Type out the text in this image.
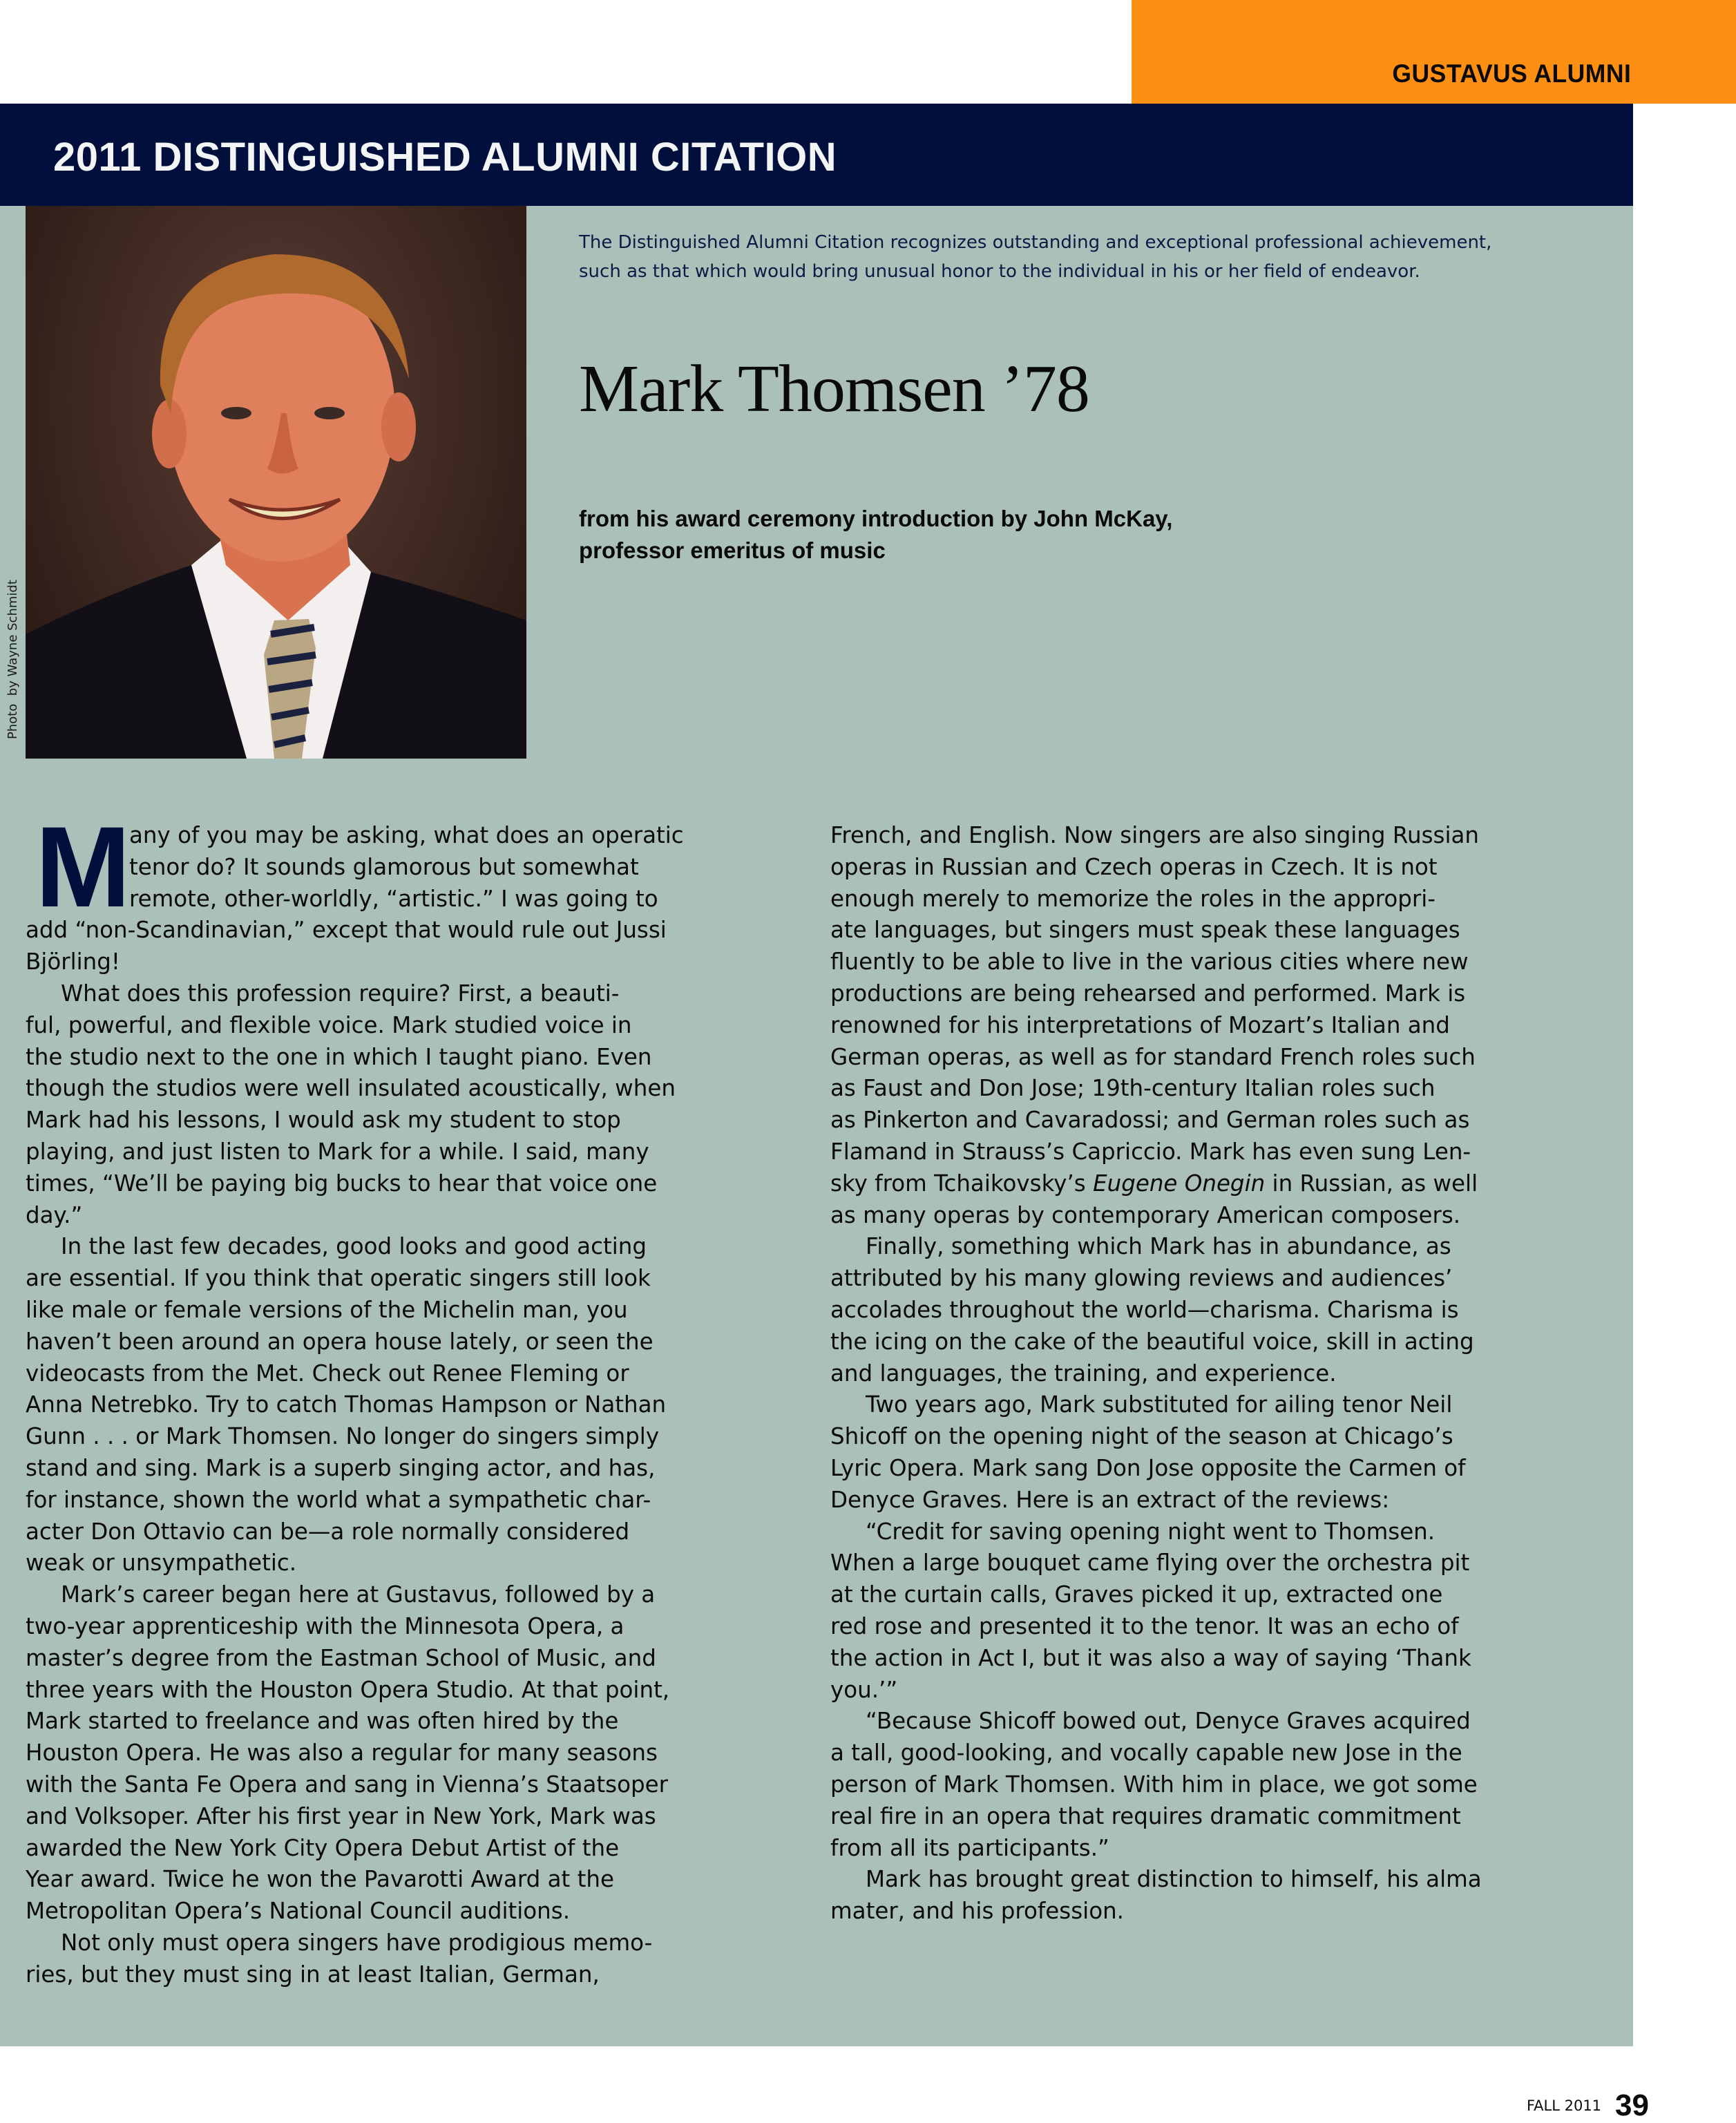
GUSTAVUS ALUMNI
2011 DISTINGUISHED ALUMNI CITATION
Photo  by Wayne Schmidt
The Distinguished Alumni Citation recognizes outstanding and exceptional professional achievement,
such as that which would bring unusual honor to the individual in his or her field of endeavor.
Mark Thomsen ’78
from his award ceremony introduction by John McKay,
professor emeritus of music
M
any of you may be asking, what does an operatic
tenor do? It sounds glamorous but somewhat
remote, other-worldly, “artistic.” I was going to
add “non-Scandinavian,” except that would rule out Jussi
Björling!
What does this profession require? First, a beauti-
ful, powerful, and flexible voice. Mark studied voice in
the studio next to the one in which I taught piano. Even
though the studios were well insulated acoustically, when
Mark had his lessons, I would ask my student to stop
playing, and just listen to Mark for a while. I said, many
times, “We’ll be paying big bucks to hear that voice one
day.”
In the last few decades, good looks and good acting
are essential. If you think that operatic singers still look
like male or female versions of the Michelin man, you
haven’t been around an opera house lately, or seen the
videocasts from the Met. Check out Renee Fleming or
Anna Netrebko. Try to catch Thomas Hampson or Nathan
Gunn . . . or Mark Thomsen. No longer do singers simply
stand and sing. Mark is a superb singing actor, and has,
for instance, shown the world what a sympathetic char-
acter Don Ottavio can be—a role normally considered
weak or unsympathetic.
Mark’s career began here at Gustavus, followed by a
two-year apprenticeship with the Minnesota Opera, a
master’s degree from the Eastman School of Music, and
three years with the Houston Opera Studio. At that point,
Mark started to freelance and was often hired by the
Houston Opera. He was also a regular for many seasons
with the Santa Fe Opera and sang in Vienna’s Staatsoper
and Volksoper. After his first year in New York, Mark was
awarded the New York City Opera Debut Artist of the
Year award. Twice he won the Pavarotti Award at the
Metropolitan Opera’s National Council auditions.
Not only must opera singers have prodigious memo-
ries, but they must sing in at least Italian, German,
French, and English. Now singers are also singing Russian
operas in Russian and Czech operas in Czech. It is not
enough merely to memorize the roles in the appropri-
ate languages, but singers must speak these languages
fluently to be able to live in the various cities where new
productions are being rehearsed and performed. Mark is
renowned for his interpretations of Mozart’s Italian and
German operas, as well as for standard French roles such
as Faust and Don Jose; 19th-century Italian roles such
as Pinkerton and Cavaradossi; and German roles such as
Flamand in Strauss’s Capriccio. Mark has even sung Len-
sky from Tchaikovsky’s Eugene Onegin in Russian, as well
as many operas by contemporary American composers.
Finally, something which Mark has in abundance, as
attributed by his many glowing reviews and audiences’
accolades throughout the world—charisma. Charisma is
the icing on the cake of the beautiful voice, skill in acting
and languages, the training, and experience.
Two years ago, Mark substituted for ailing tenor Neil
Shicoff on the opening night of the season at Chicago’s
Lyric Opera. Mark sang Don Jose opposite the Carmen of
Denyce Graves. Here is an extract of the reviews:
“Credit for saving opening night went to Thomsen.
When a large bouquet came flying over the orchestra pit
at the curtain calls, Graves picked it up, extracted one
red rose and presented it to the tenor. It was an echo of
the action in Act I, but it was also a way of saying ‘Thank
you.’”
“Because Shicoff bowed out, Denyce Graves acquired
a tall, good-looking, and vocally capable new Jose in the
person of Mark Thomsen. With him in place, we got some
real fire in an opera that requires dramatic commitment
from all its participants.”
Mark has brought great distinction to himself, his alma
mater, and his profession.
FALL 2011 39
